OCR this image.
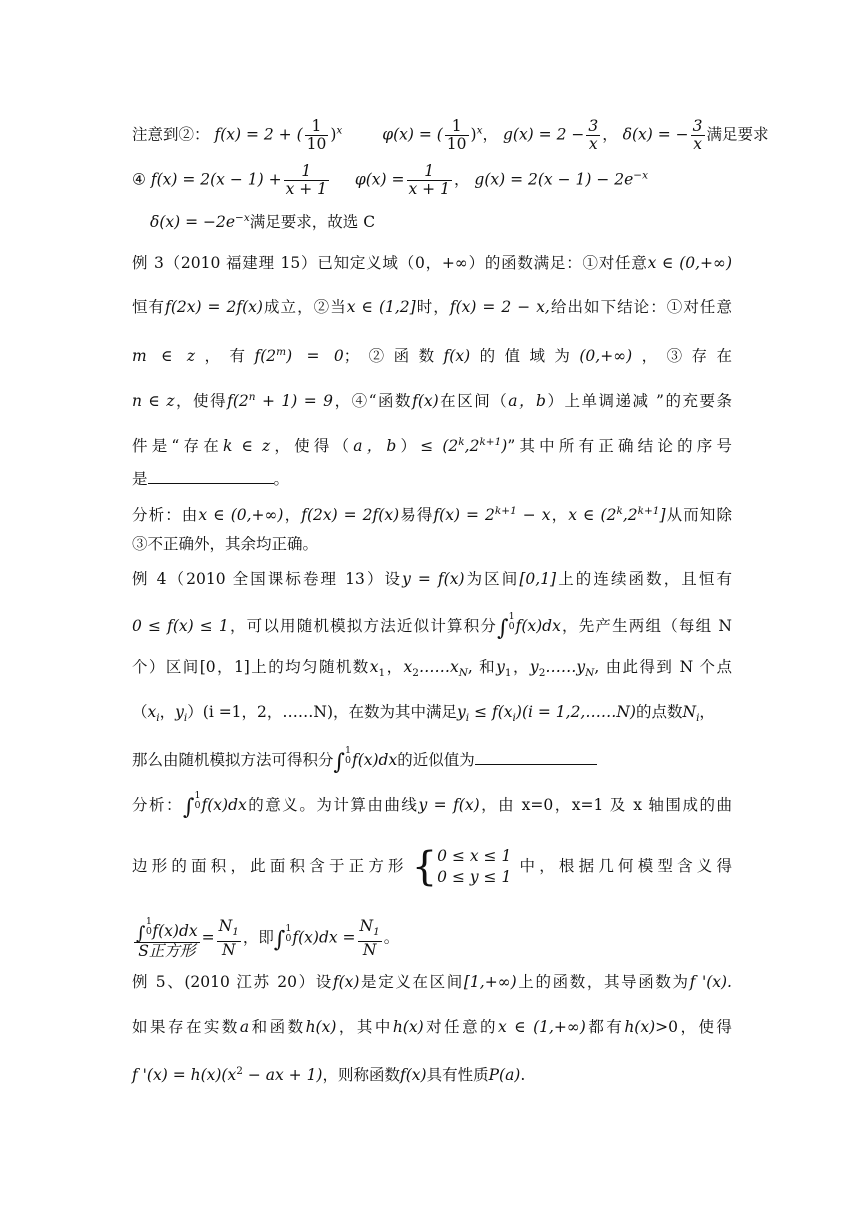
注意到②： f(x) = 2 + ( $\frac{1}{10} )^x$	φ(x) = ( $\frac{1}{10} )^x$， $g(x) = 2 - \frac{3}{x}$ ， δ(x) = − $\frac{3}{x}$ 满足要求
④ $f(x) = 2(x - 1) + \frac{1}{x + 1} \varphi(x) = \frac{1}{x + 1}$ ， $g(x) = 2(x - 1) - 2e^{-x}$
$\delta(x) = -2e^{-x}$满足要求，故选 C
例 3（2010 福建理 15）已知定义域（0，+∞）的函数满足：①对任意x ∈ (0,+∞)
恒有f(2x) = 2f(x)成立，②当x ∈ (1,2]时，f(x) = 2 − x,给出如下结论：①对任意
m ∈ z，有$f(2^m) = 0$；②函数f(x)的值域为(0,+∞)，③存在
n ∈ z，使得$f(2^n + 1) = 9$，④“函数f(x)在区间（a，b）上单调递减 ”的充要条
件是“存在k ∈ z，使得（a，$b)\le (2^k,2^{k+1})$”其中所有正确结论的序号
是	。
分析：由x ∈ (0,+∞)，f(2x) = 2f(x)易得$f(x) = 2^{k+1} - x$，x ∈ $(2^k,2^{k+1}]$从而知除
③不正确外，其余均正确。
例 4（2010 全国课标卷理 13）设y = f(x)为区间[0,1]上的连续函数，且恒有
0 ≤ f(x) ≤ 1，可以用随机模拟方法近似计算积分∫1
0f(x)dx，先产生两组（每组 N
个）区间[0，1]上的均匀随机数$x_1$，$x_2\dots\dots x_N$, 和$y_1$，$y_2\dots\dots y_N$, 由此得到 N 个点
（$x_i$，$y_i)(i =1$，2，……N)，在数为其中满足$y_i \le f(x_i)(i$ = 1,2,……N)的点数$N_i$，
那么由随机模拟方法可得积分∫1
0f(x)dx的近似值为
分析：∫1
0f(x)dx的意义。为计算由曲线y = f(x)，由 x=0，x=1 及 x 轴围成的曲
边形的面积，此面积含于正方形 {0 ≤ x ≤ 1
0 ≤ y ≤ 1中，根据几何模型含义得
∫1
0f(x)dx
S正方形
= $\frac{N_1}{N}$ ，即∫1
$0f(x)dx = \frac{N_1}{N}$ 。
例 5、(2010 江苏 20）设f(x)是定义在区间[1,+∞)上的函数，其导函数为f '(x).
如果存在实数a和函数h(x)，其中h(x)对任意的x ∈ (1,+∞)都有h(x)>0，使得
f '$(x) = h(x)(x^2$ − ax + 1)，则称函数f(x)具有性质P(a).
